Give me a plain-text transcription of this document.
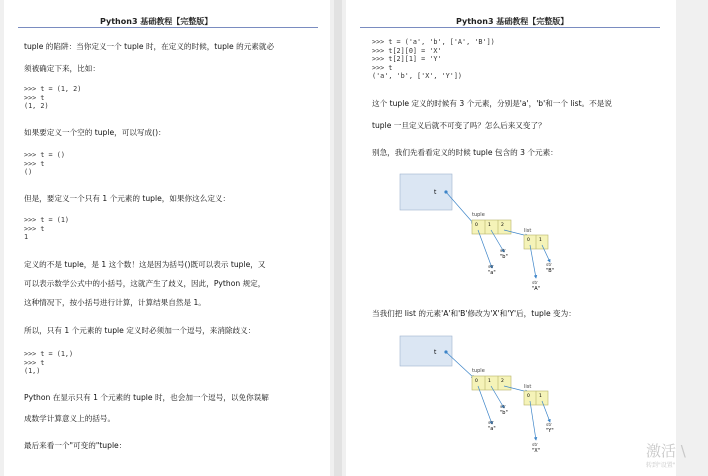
Python3 基础教程【完整版】
tuple 的陷阱：当你定义一个 tuple 时，在定义的时候，tuple 的元素就必
须被确定下来，比如：
>>> t = (1, 2)
>>> t
(1, 2)
如果要定义一个空的 tuple，可以写成()：
>>> t = ()
>>> t
()
但是，要定义一个只有 1 个元素的 tuple，如果你这么定义：
>>> t = (1)
>>> t
1
定义的不是 tuple，是 1 这个数！这是因为括号()既可以表示 tuple，又
可以表示数学公式中的小括号，这就产生了歧义，因此，Python 规定，
这种情况下，按小括号进行计算，计算结果自然是 1。
所以，只有 1 个元素的 tuple 定义时必须加一个逗号，来消除歧义：
>>> t = (1,)
>>> t
(1,)
Python 在显示只有 1 个元素的 tuple 时，也会加一个逗号，以免你误解
成数学计算意义上的括号。
最后来看一个"可变的"tuple：
Python3 基础教程【完整版】
>>> t = ('a', 'b', ['A', 'B'])
>>> t[2][0] = 'X'
>>> t[2][1] = 'Y'
>>> t
('a', 'b', ['X', 'Y'])
这个 tuple 定义的时候有 3 个元素，分别是'a'，'b'和一个 list。不是说
tuple 一旦定义后就不可变了吗？怎么后来又变了？
别急，我们先看看定义的时候 tuple 包含的 3 个元素：
t
tuple
0 1 2
str
"b"
str
"a"
list
0 1
str
"B"
str
"A"
当我们把 list 的元素'A'和'B'修改为'X'和'Y'后，tuple 变为：
t
tuple
0 1 2
str
"b"
str
"a"
list
0 1
str
"Y"
str
"X"	激活 \
转到"设置"
